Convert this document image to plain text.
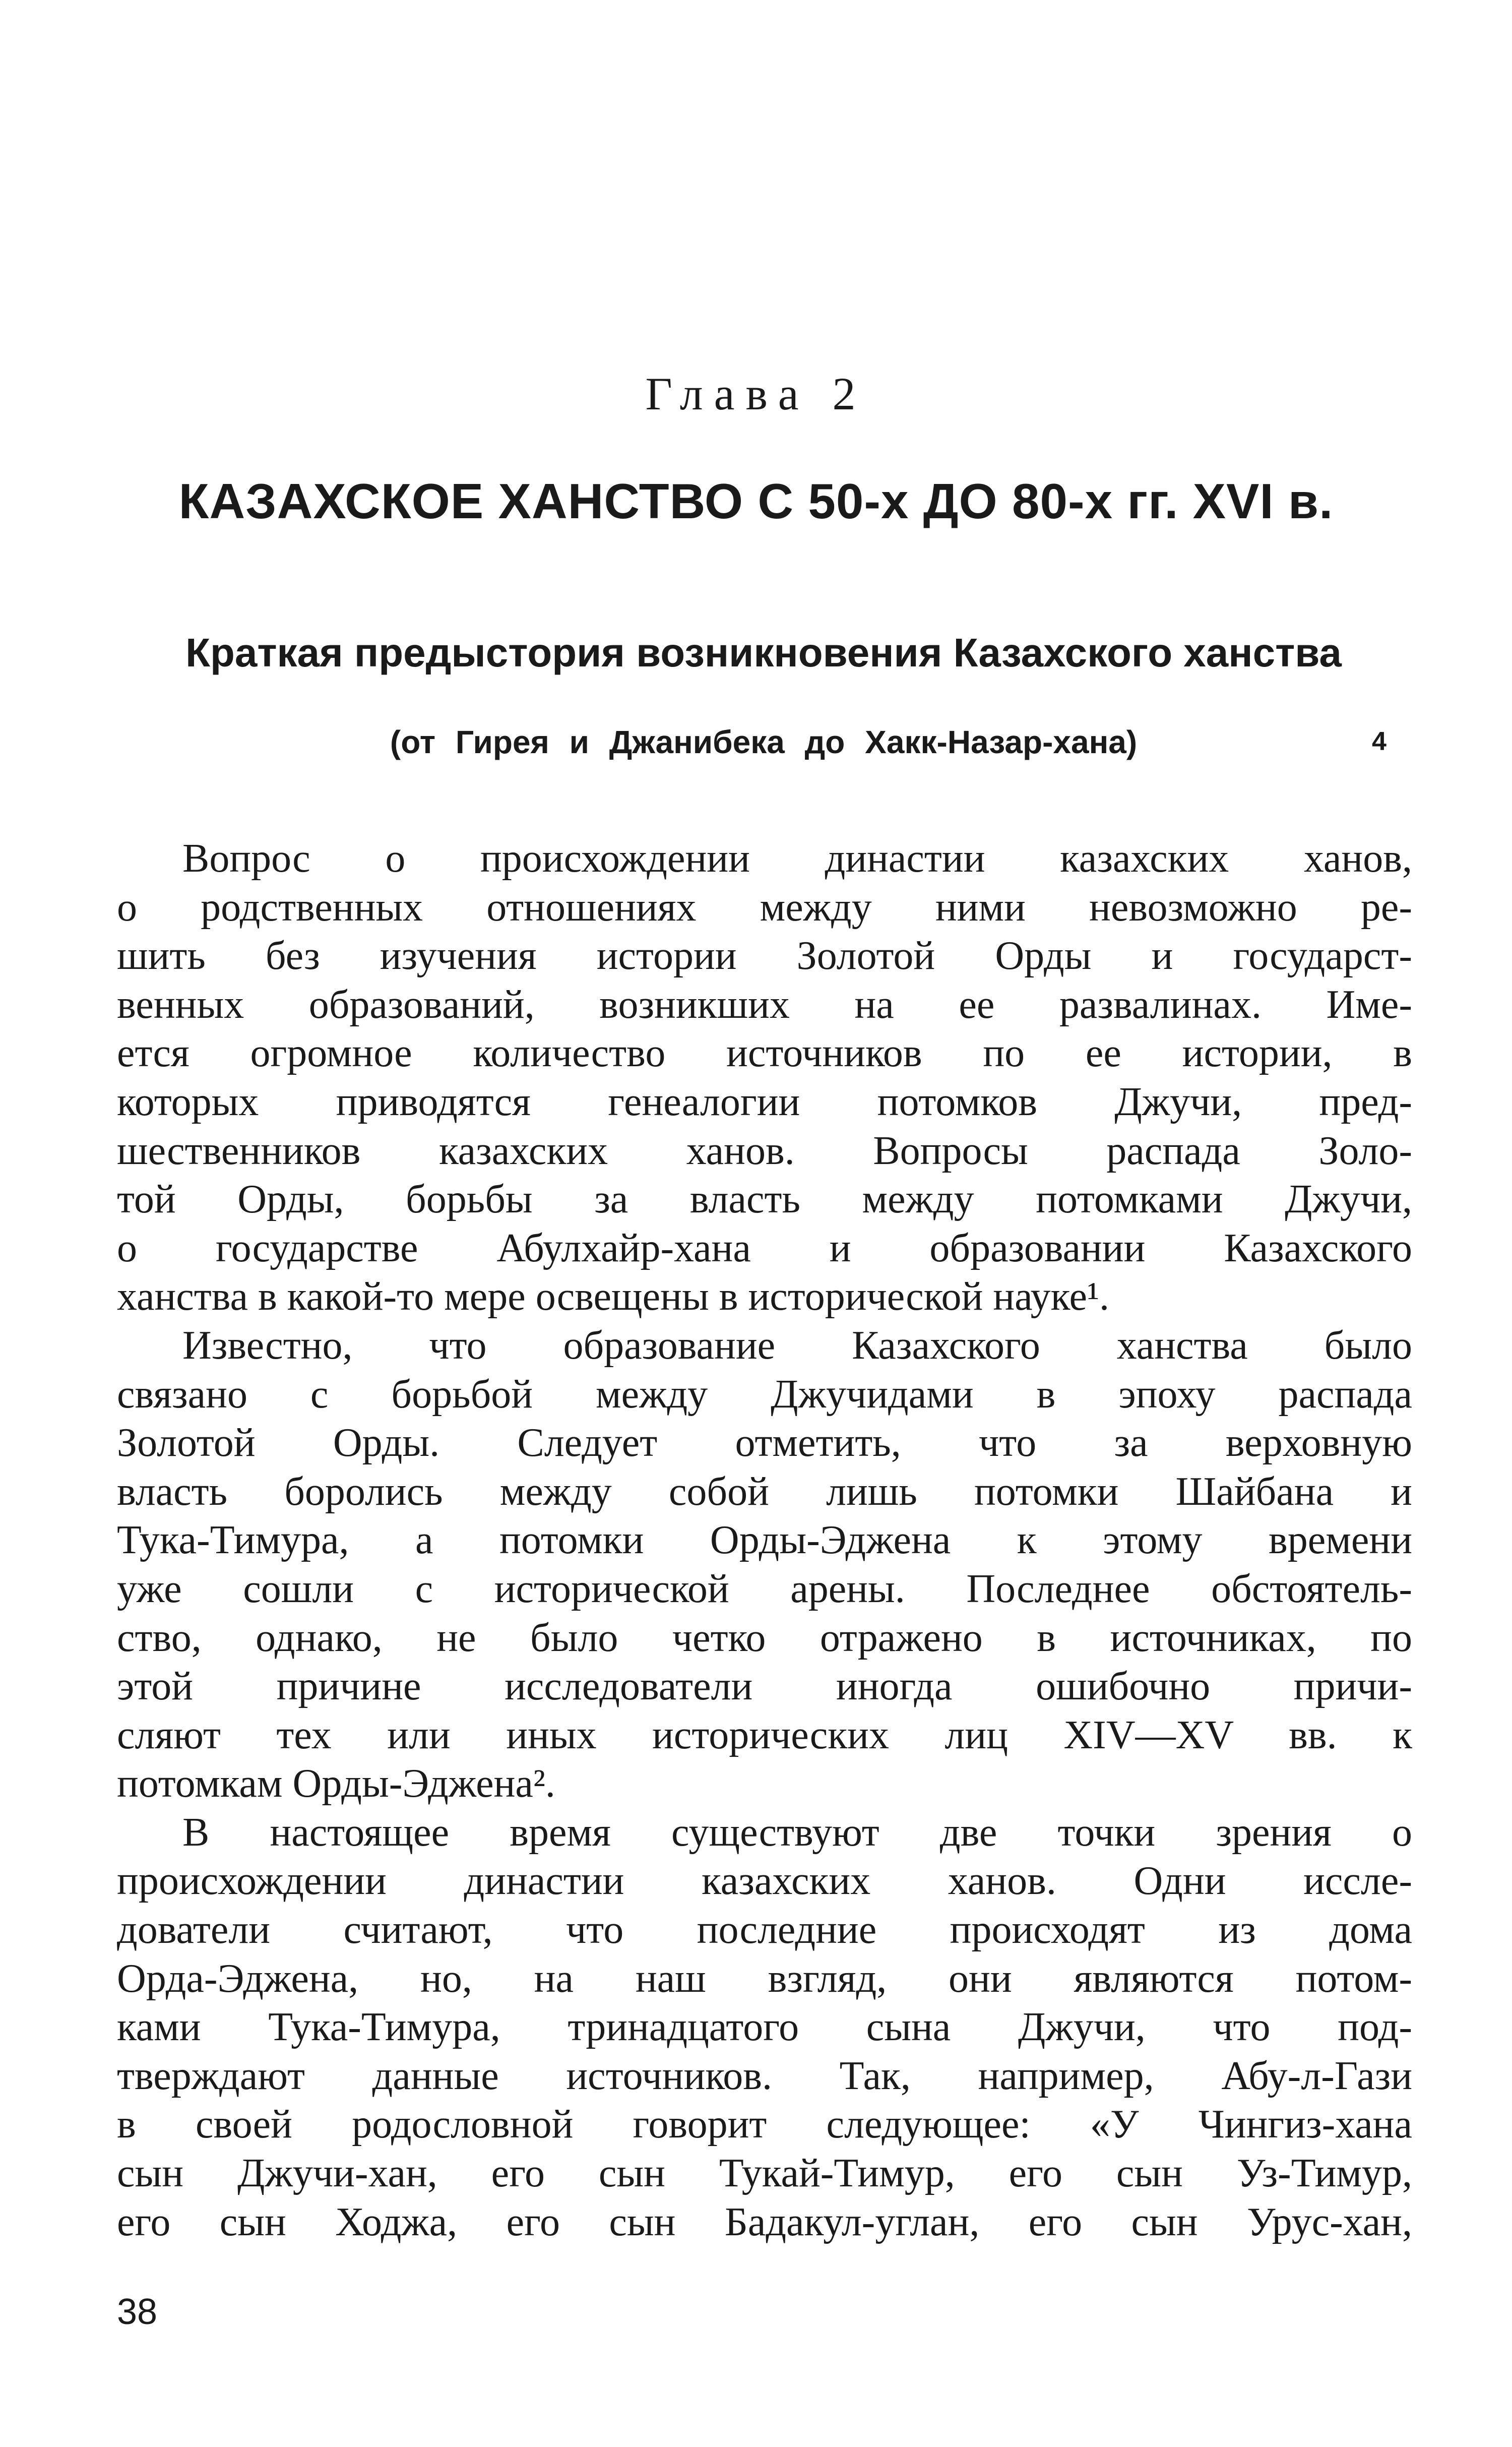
Глава 2
КАЗАХСКОЕ ХАНСТВО С 50-х ДО 80-х гг. XVI в.
Краткая предыстория возникновения Казахского ханства
(от Гирея и Джанибека до Хакк-Назар-хана)	4
Вопрос о происхождении династии казахских ханов,
о родственных отношениях между ними невозможно ре-
шить без изучения истории Золотой Орды и государст-
венных образований, возникших на ее развалинах. Име-
ется огромное количество источников по ее истории, в
которых приводятся генеалогии потомков Джучи, пред-
шественников казахских ханов. Вопросы распада Золо-
той Орды, борьбы за власть между потомками Джучи,
о государстве Абулхайр-хана и образовании Казахского
ханства в какой-то мере освещены в исторической науке¹.
Известно, что образование Казахского ханства было
связано с борьбой между Джучидами в эпоху распада
Золотой Орды. Следует отметить, что за верховную
власть боролись между собой лишь потомки Шайбана и
Тука-Тимура, а потомки Орды-Эджена к этому времени
уже сошли с исторической арены. Последнее обстоятель-
ство, однако, не было четко отражено в источниках, по
этой причине исследователи иногда ошибочно причи-
сляют тех или иных исторических лиц XIV—XV вв. к
потомкам Орды-Эджена².
В настоящее время существуют две точки зрения о
происхождении династии казахских ханов. Одни иссле-
дователи считают, что последние происходят из дома
Орда-Эджена, но, на наш взгляд, они являются потом-
ками Тука-Тимура, тринадцатого сына Джучи, что под-
тверждают данные источников. Так, например, Абу-л-Гази
в своей родословной говорит следующее: «У Чингиз-хана
сын Джучи-хан, его сын Тукай-Тимур, его сын Уз-Тимур,
его сын Ходжа, его сын Бадакул-углан, его сын Урус-хан,
38
